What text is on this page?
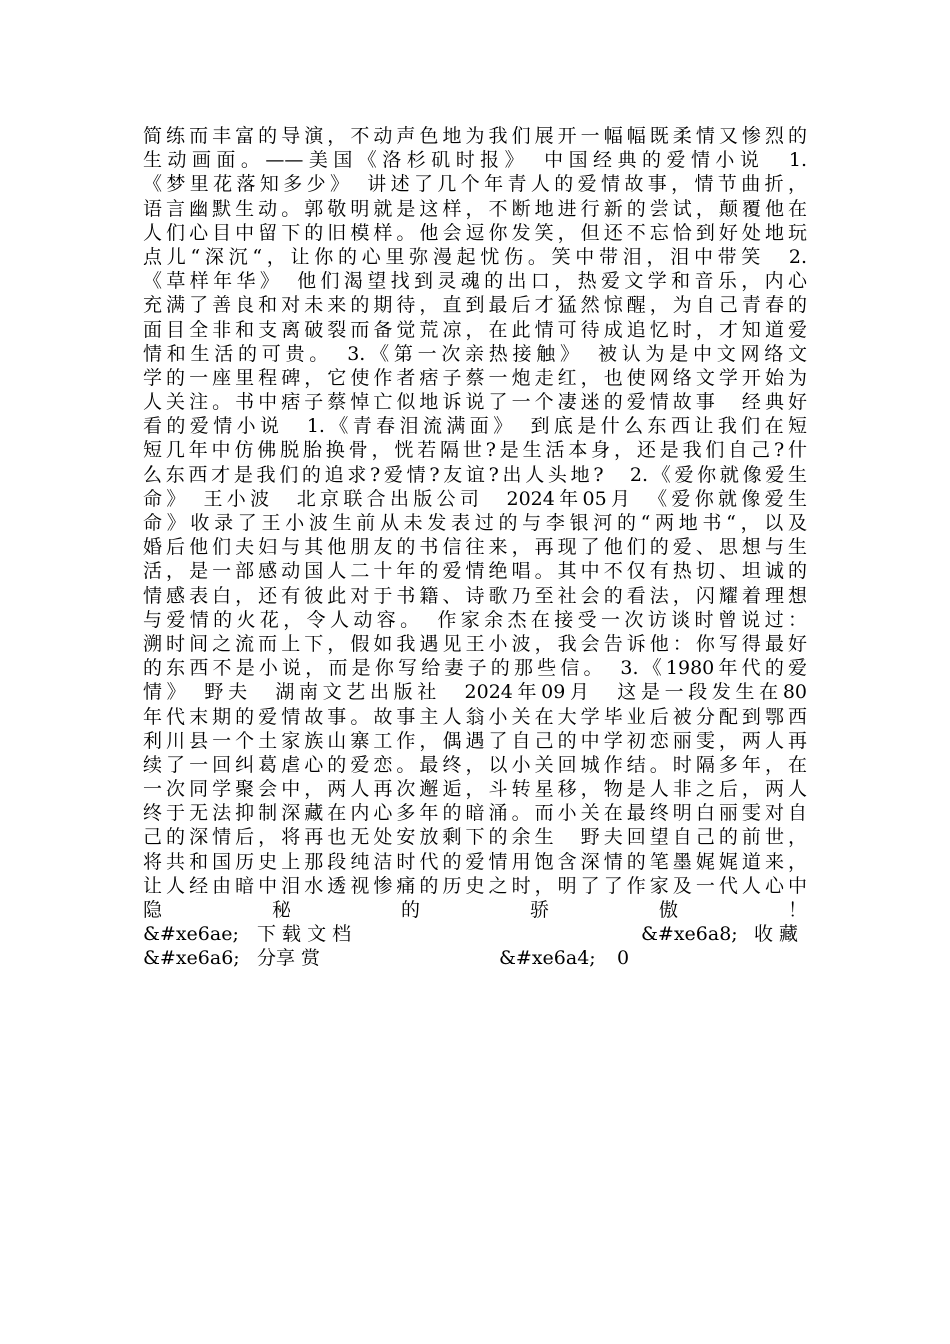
简练而丰富的导演，不动声色地为我们展开一幅幅既柔情又惨烈的
生动画面。——美国《洛杉矶时报》　中国经典的爱情小说　1.
《梦里花落知多少》　讲述了几个年青人的爱情故事，情节曲折，
语言幽默生动。郭敬明就是这样，不断地进行新的尝试，颠覆他在
人们心目中留下的旧模样。他会逗你发笑，但还不忘恰到好处地玩
点儿“深沉“，让你的心里弥漫起忧伤。笑中带泪，泪中带笑　2.
《草样年华》　他们渴望找到灵魂的出口，热爱文学和音乐，内心
充满了善良和对未来的期待，直到最后才猛然惊醒，为自己青春的
面目全非和支离破裂而备觉荒凉，在此情可待成追忆时，才知道爱
情和生活的可贵。　3.《第一次亲热接触》　被认为是中文网络文
学的一座里程碑，它使作者痞子蔡一炮走红，也使网络文学开始为
人关注。书中痞子蔡悼亡似地诉说了一个凄迷的爱情故事　经典好
看的爱情小说　1.《青春泪流满面》　到底是什么东西让我们在短
短几年中仿佛脱胎换骨，恍若隔世?是生活本身，还是我们自己?什
么东西才是我们的追求?爱情?友谊?出人头地?　2.《爱你就像爱生
命》　王小波　北京联合出版公司　2024年05月　《爱你就像爱生
命》收录了王小波生前从未发表过的与李银河的“两地书“，以及
婚后他们夫妇与其他朋友的书信往来，再现了他们的爱、思想与生
活，是一部感动国人二十年的爱情绝唱。其中不仅有热切、坦诚的
情感表白，还有彼此对于书籍、诗歌乃至社会的看法，闪耀着理想
与爱情的火花，令人动容。　作家余杰在接受一次访谈时曾说过：
溯时间之流而上下，假如我遇见王小波，我会告诉他：你写得最好
的东西不是小说，而是你写给妻子的那些信。　3.《1980年代的爱
情》　野夫　湖南文艺出版社　2024年09月　这是一段发生在80
年代末期的爱情故事。故事主人翁小关在大学毕业后被分配到鄂西
利川县一个土家族山寨工作，偶遇了自己的中学初恋丽雯，两人再
续了一回纠葛虐心的爱恋。最终，以小关回城作结。时隔多年，在
一次同学聚会中，两人再次邂逅，斗转星移，物是人非之后，两人
终于无法抑制深藏在内心多年的暗涌。而小关在最终明白丽雯对自
己的深情后，将再也无处安放剩下的余生　野夫回望自己的前世，
将共和国历史上那段纯洁时代的爱情用饱含深情的笔墨娓娓道来，
让人经由暗中泪水透视惨痛的历史之时，明了了作家及一代人心中
隐　　　　　秘　　　　　的　　　　　骄　　　　　傲　　　　　！
&#xe6ae; 下 载 文 档	&#xe6a8; 收 藏
&#xe6a6; 分享 赏	&#xe6a4; 0
